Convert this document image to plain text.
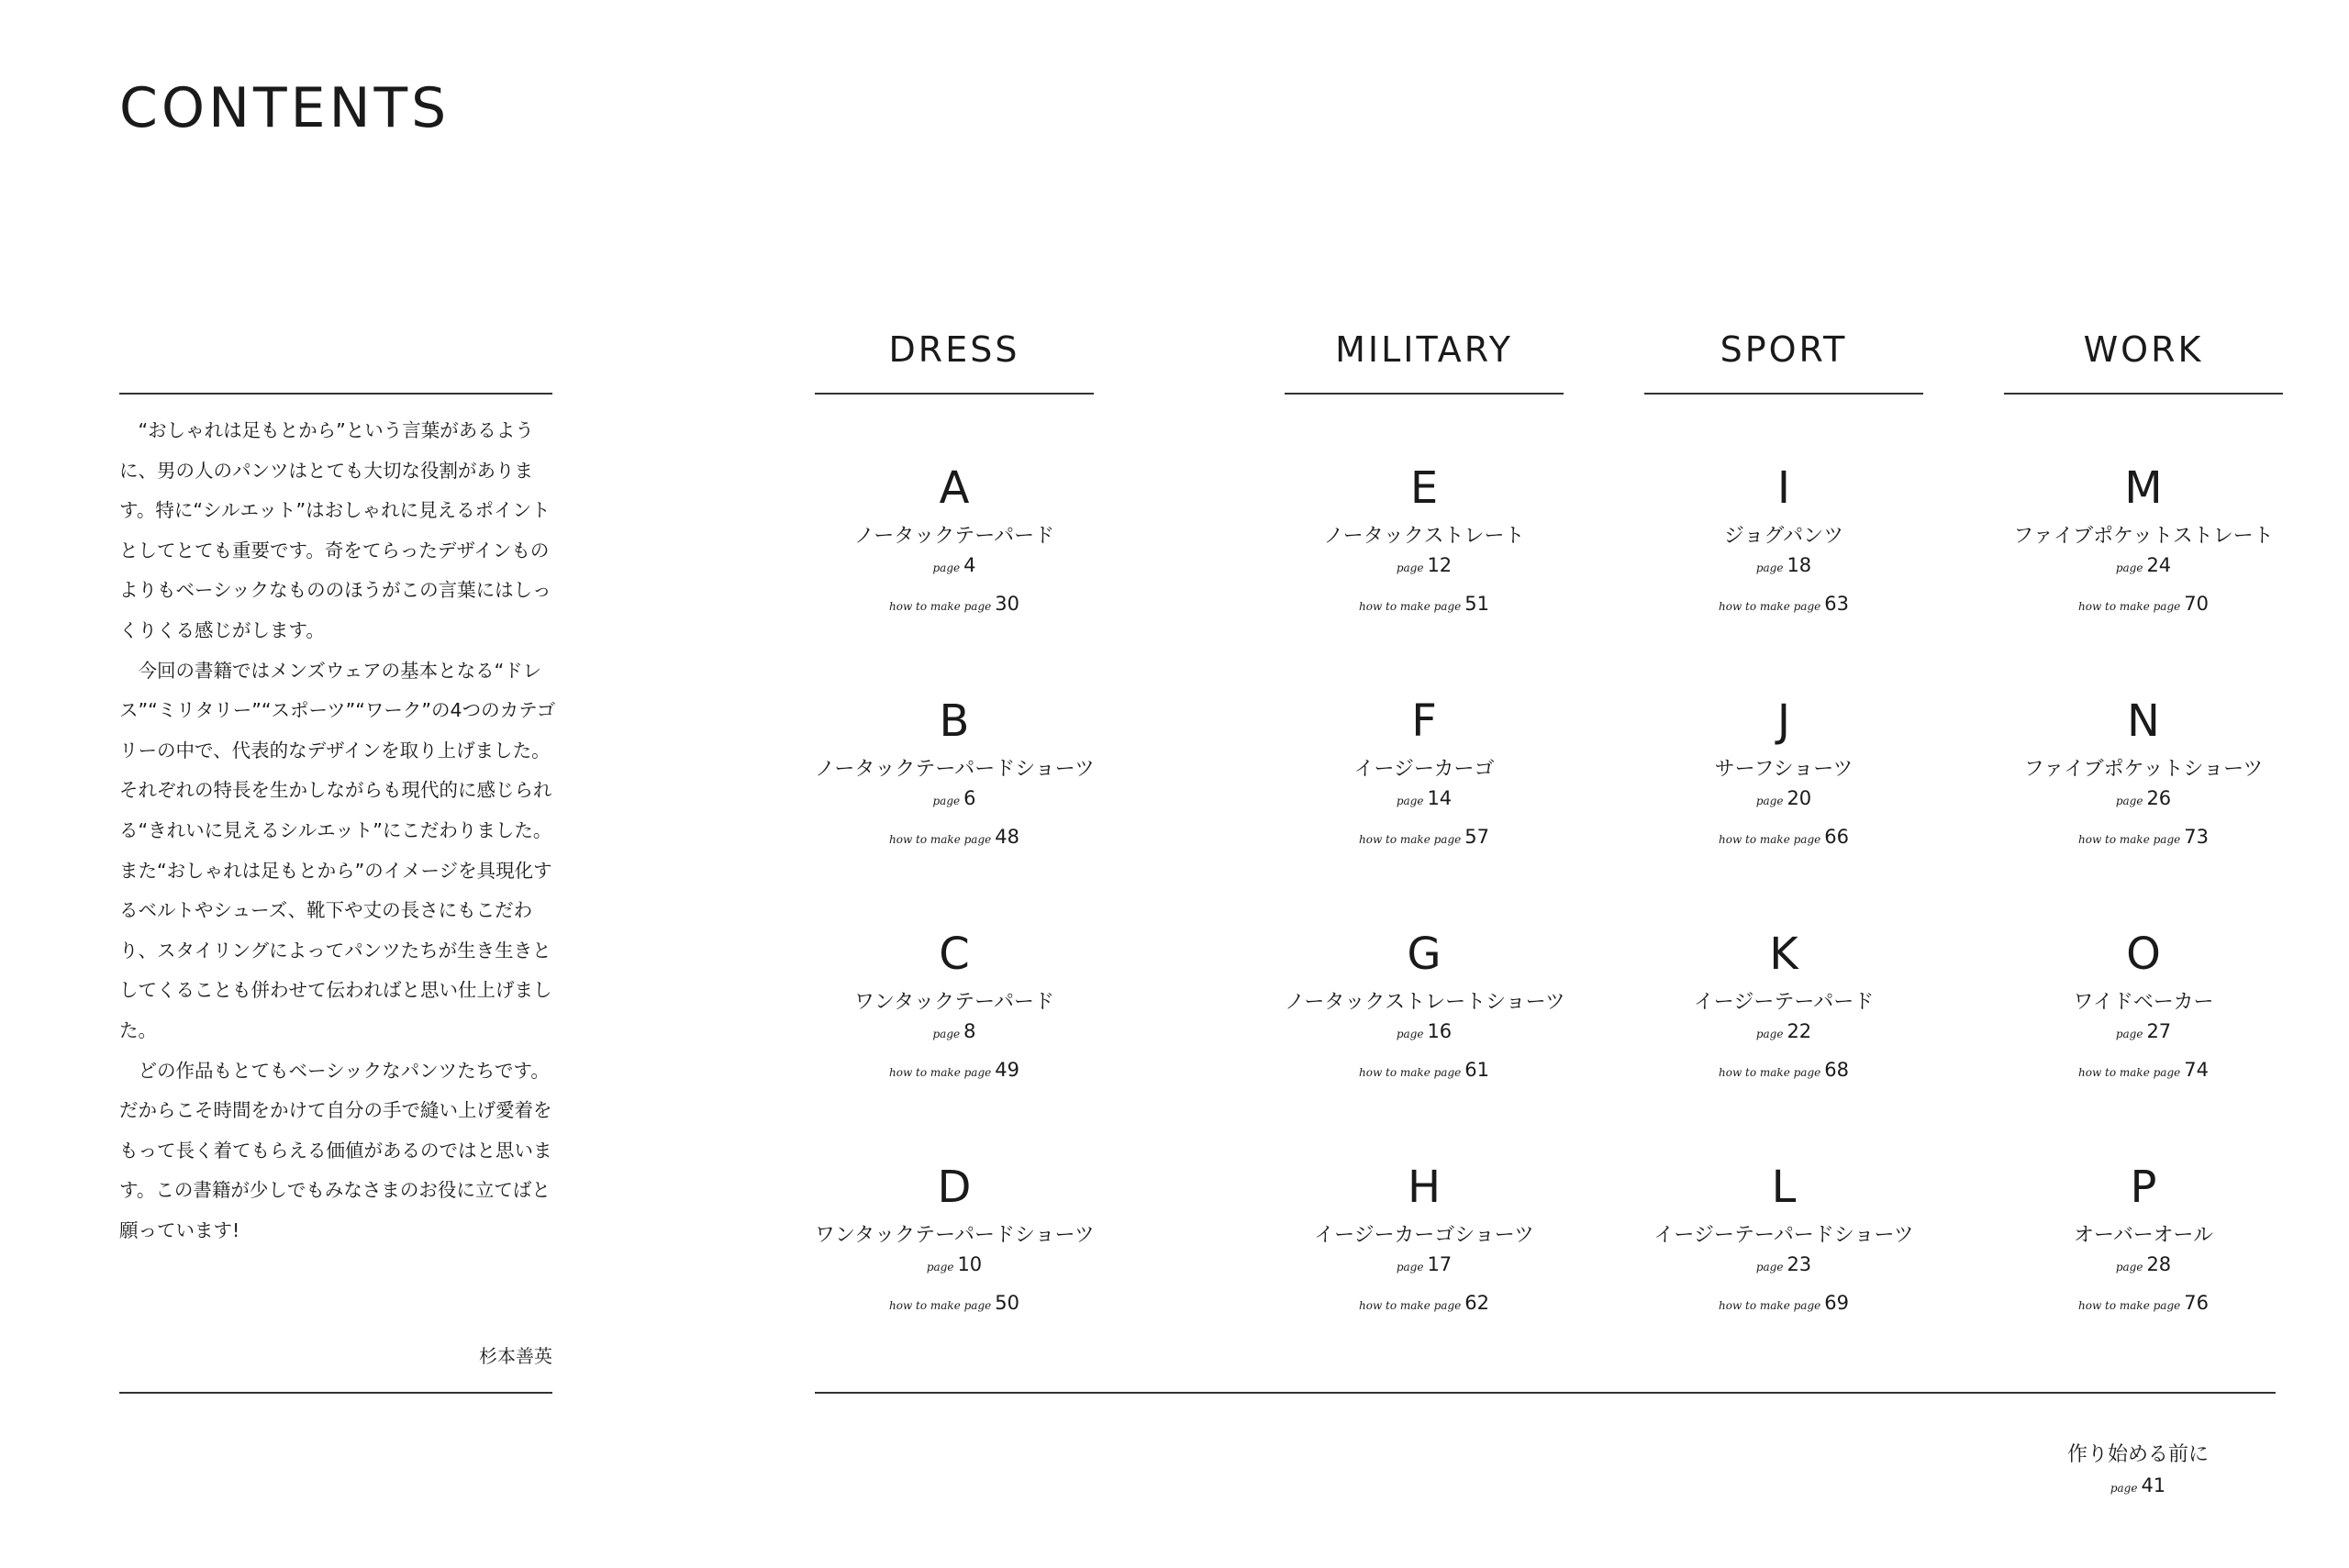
CONTENTS

“おしゃれは足もとから”という言葉があるように、男の人のパンツはとても大切な役割があります。特に“シルエット”はおしゃれに見えるポイントとしてとても重要です。奇をてらったデザインものよりもベーシックなもののほうがこの言葉にはしっくりくる感じがします。

今回の書籍ではメンズウェアの基本となる“ドレス”“ミリタリー”“スポーツ”“ワーク”の4つのカテゴリーの中で、代表的なデザインを取り上げました。それぞれの特長を生かしながらも現代的に感じられる“きれいに見えるシルエット”にこだわりました。

また“おしゃれは足もとから”のイメージを具現化するベルトやシューズ、靴下や丈の長さにもこだわり、スタイリングによってパンツたちが生き生きとしてくることも併わせて伝わればと思い仕上げました。

どの作品もとてもベーシックなパンツたちです。だからこそ時間をかけて自分の手で縫い上げ愛着をもって長く着てもらえる価値があるのではと思います。この書籍が少しでもみなさまのお役に立てばと願っています!

杉本善英
DRESS
A
ノータックテーパード
page 4
how to make page 30
B
ノータックテーパードショーツ
page 6
how to make page 48
C
ワンタックテーパード
page 8
how to make page 49
D
ワンタックテーパードショーツ
page 10
how to make page 50
MILITARY
E
ノータックストレート
page 12
how to make page 51
F
イージーカーゴ
page 14
how to make page 57
G
ノータックストレートショーツ
page 16
how to make page 61
H
イージーカーゴショーツ
page 17
how to make page 62
SPORT
I
ジョグパンツ
page 18
how to make page 63
J
サーフショーツ
page 20
how to make page 66
K
イージーテーパード
page 22
how to make page 68
L
イージーテーパードショーツ
page 23
how to make page 69
WORK
M
ファイブポケットストレート
page 24
how to make page 70
N
ファイブポケットショーツ
page 26
how to make page 73
O
ワイドベーカー
page 27
how to make page 74
P
オーバーオール
page 28
how to make page 76
作り始める前に
page 41
